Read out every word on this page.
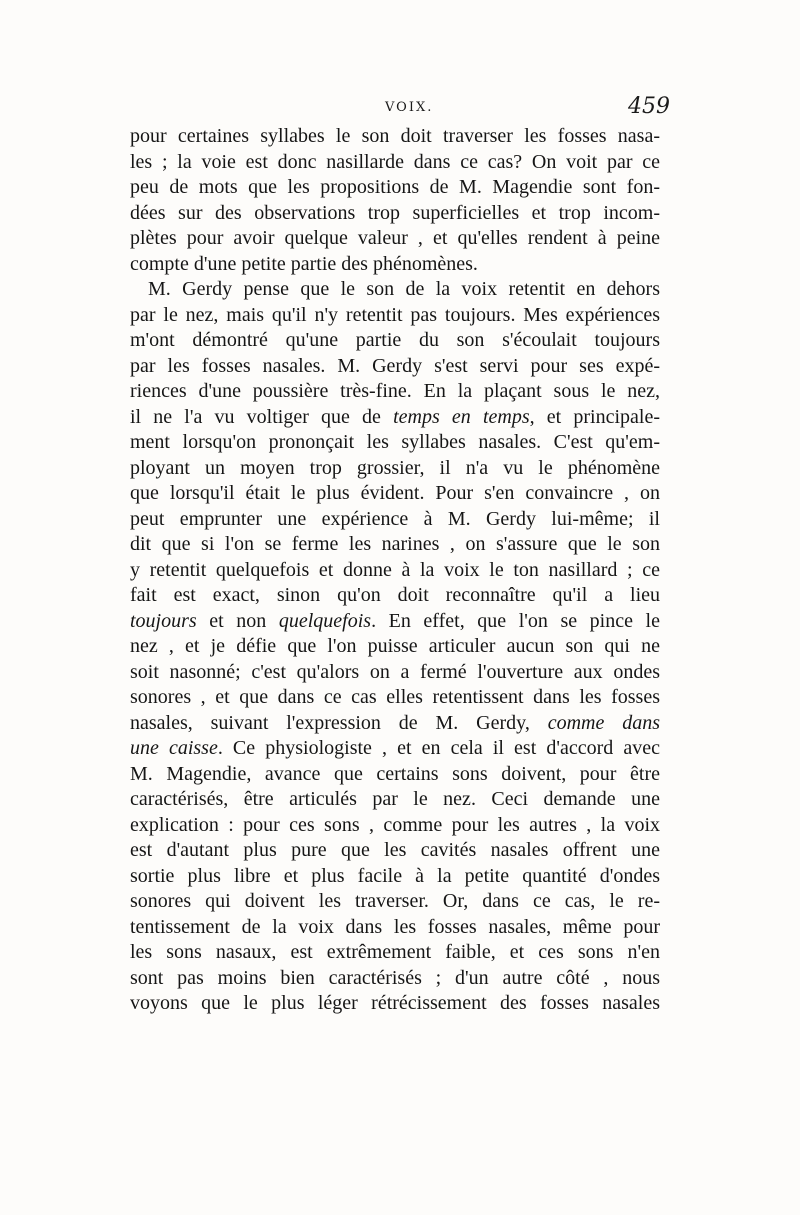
VOIX.	459
pour certaines syllabes le son doit traverser les fosses nasa-
les ; la voie est donc nasillarde dans ce cas? On voit par ce
peu de mots que les propositions de M. Magendie sont fon-
dées sur des observations trop superficielles et trop incom-
plètes pour avoir quelque valeur , et qu'elles rendent à peine
compte d'une petite partie des phénomènes.
M. Gerdy pense que le son de la voix retentit en dehors
par le nez, mais qu'il n'y retentit pas toujours. Mes expériences
m'ont démontré qu'une partie du son s'écoulait toujours
par les fosses nasales. M. Gerdy s'est servi pour ses expé-
riences d'une poussière très-fine. En la plaçant sous le nez,
il ne l'a vu voltiger que de temps en temps, et principale-
ment lorsqu'on prononçait les syllabes nasales. C'est qu'em-
ployant un moyen trop grossier, il n'a vu le phénomène
que lorsqu'il était le plus évident. Pour s'en convaincre , on
peut emprunter une expérience à M. Gerdy lui-même; il
dit que si l'on se ferme les narines , on s'assure que le son
y retentit quelquefois et donne à la voix le ton nasillard ; ce
fait est exact, sinon qu'on doit reconnaître qu'il a lieu
toujours et non quelquefois. En effet, que l'on se pince le
nez , et je défie que l'on puisse articuler aucun son qui ne
soit nasonné; c'est qu'alors on a fermé l'ouverture aux ondes
sonores , et que dans ce cas elles retentissent dans les fosses
nasales, suivant l'expression de M. Gerdy, comme dans
une caisse. Ce physiologiste , et en cela il est d'accord avec
M. Magendie, avance que certains sons doivent, pour être
caractérisés, être articulés par le nez. Ceci demande une
explication : pour ces sons , comme pour les autres , la voix
est d'autant plus pure que les cavités nasales offrent une
sortie plus libre et plus facile à la petite quantité d'ondes
sonores qui doivent les traverser. Or, dans ce cas, le re-
tentissement de la voix dans les fosses nasales, même pour
les sons nasaux, est extrêmement faible, et ces sons n'en
sont pas moins bien caractérisés ; d'un autre côté , nous
voyons que le plus léger rétrécissement des fosses nasales
